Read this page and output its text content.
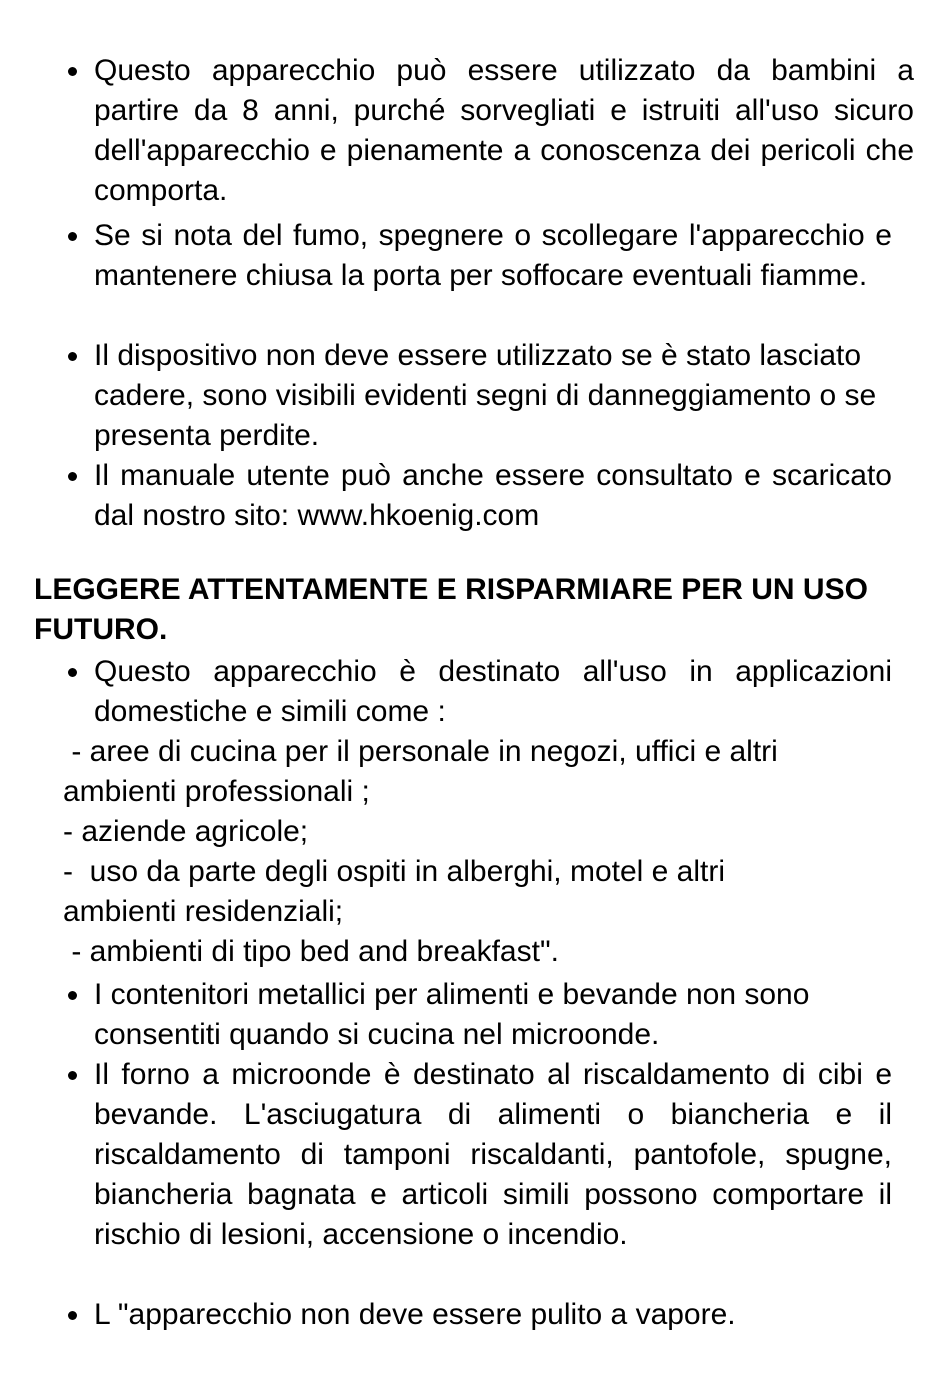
Questo apparecchio può essere utilizzato da bambini a partire da 8 anni, purché sorvegliati e istruiti all'uso sicuro dell'apparecchio e pienamente a conoscenza dei pericoli che comporta.
Se si nota del fumo, spegnere o scollegare l'apparecchio e mantenere chiusa la porta per soffocare eventuali fiamme.
Il dispositivo non deve essere utilizzato se è stato lasciato cadere, sono visibili evidenti segni di danneggiamento o se presenta perdite.
Il manuale utente può anche essere consultato e scaricato dal nostro sito: www.hkoenig.com
LEGGERE ATTENTAMENTE E RISPARMIARE PER UN USO FUTURO.
Questo apparecchio è destinato all'uso in applicazioni domestiche e simili come :
- aree di cucina per il personale in negozi, uffici e altri
ambienti professionali ;
- aziende agricole;
-  uso da parte degli ospiti in alberghi, motel e altri
ambienti residenziali;
- ambienti di tipo bed and breakfast".
I contenitori metallici per alimenti e bevande non sono consentiti quando si cucina nel microonde.
Il forno a microonde è destinato al riscaldamento di cibi e bevande. L'asciugatura di alimenti o biancheria e il riscaldamento di tamponi riscaldanti, pantofole, spugne, biancheria bagnata e articoli simili possono comportare il rischio di lesioni, accensione o incendio.
L "apparecchio non deve essere pulito a vapore.
